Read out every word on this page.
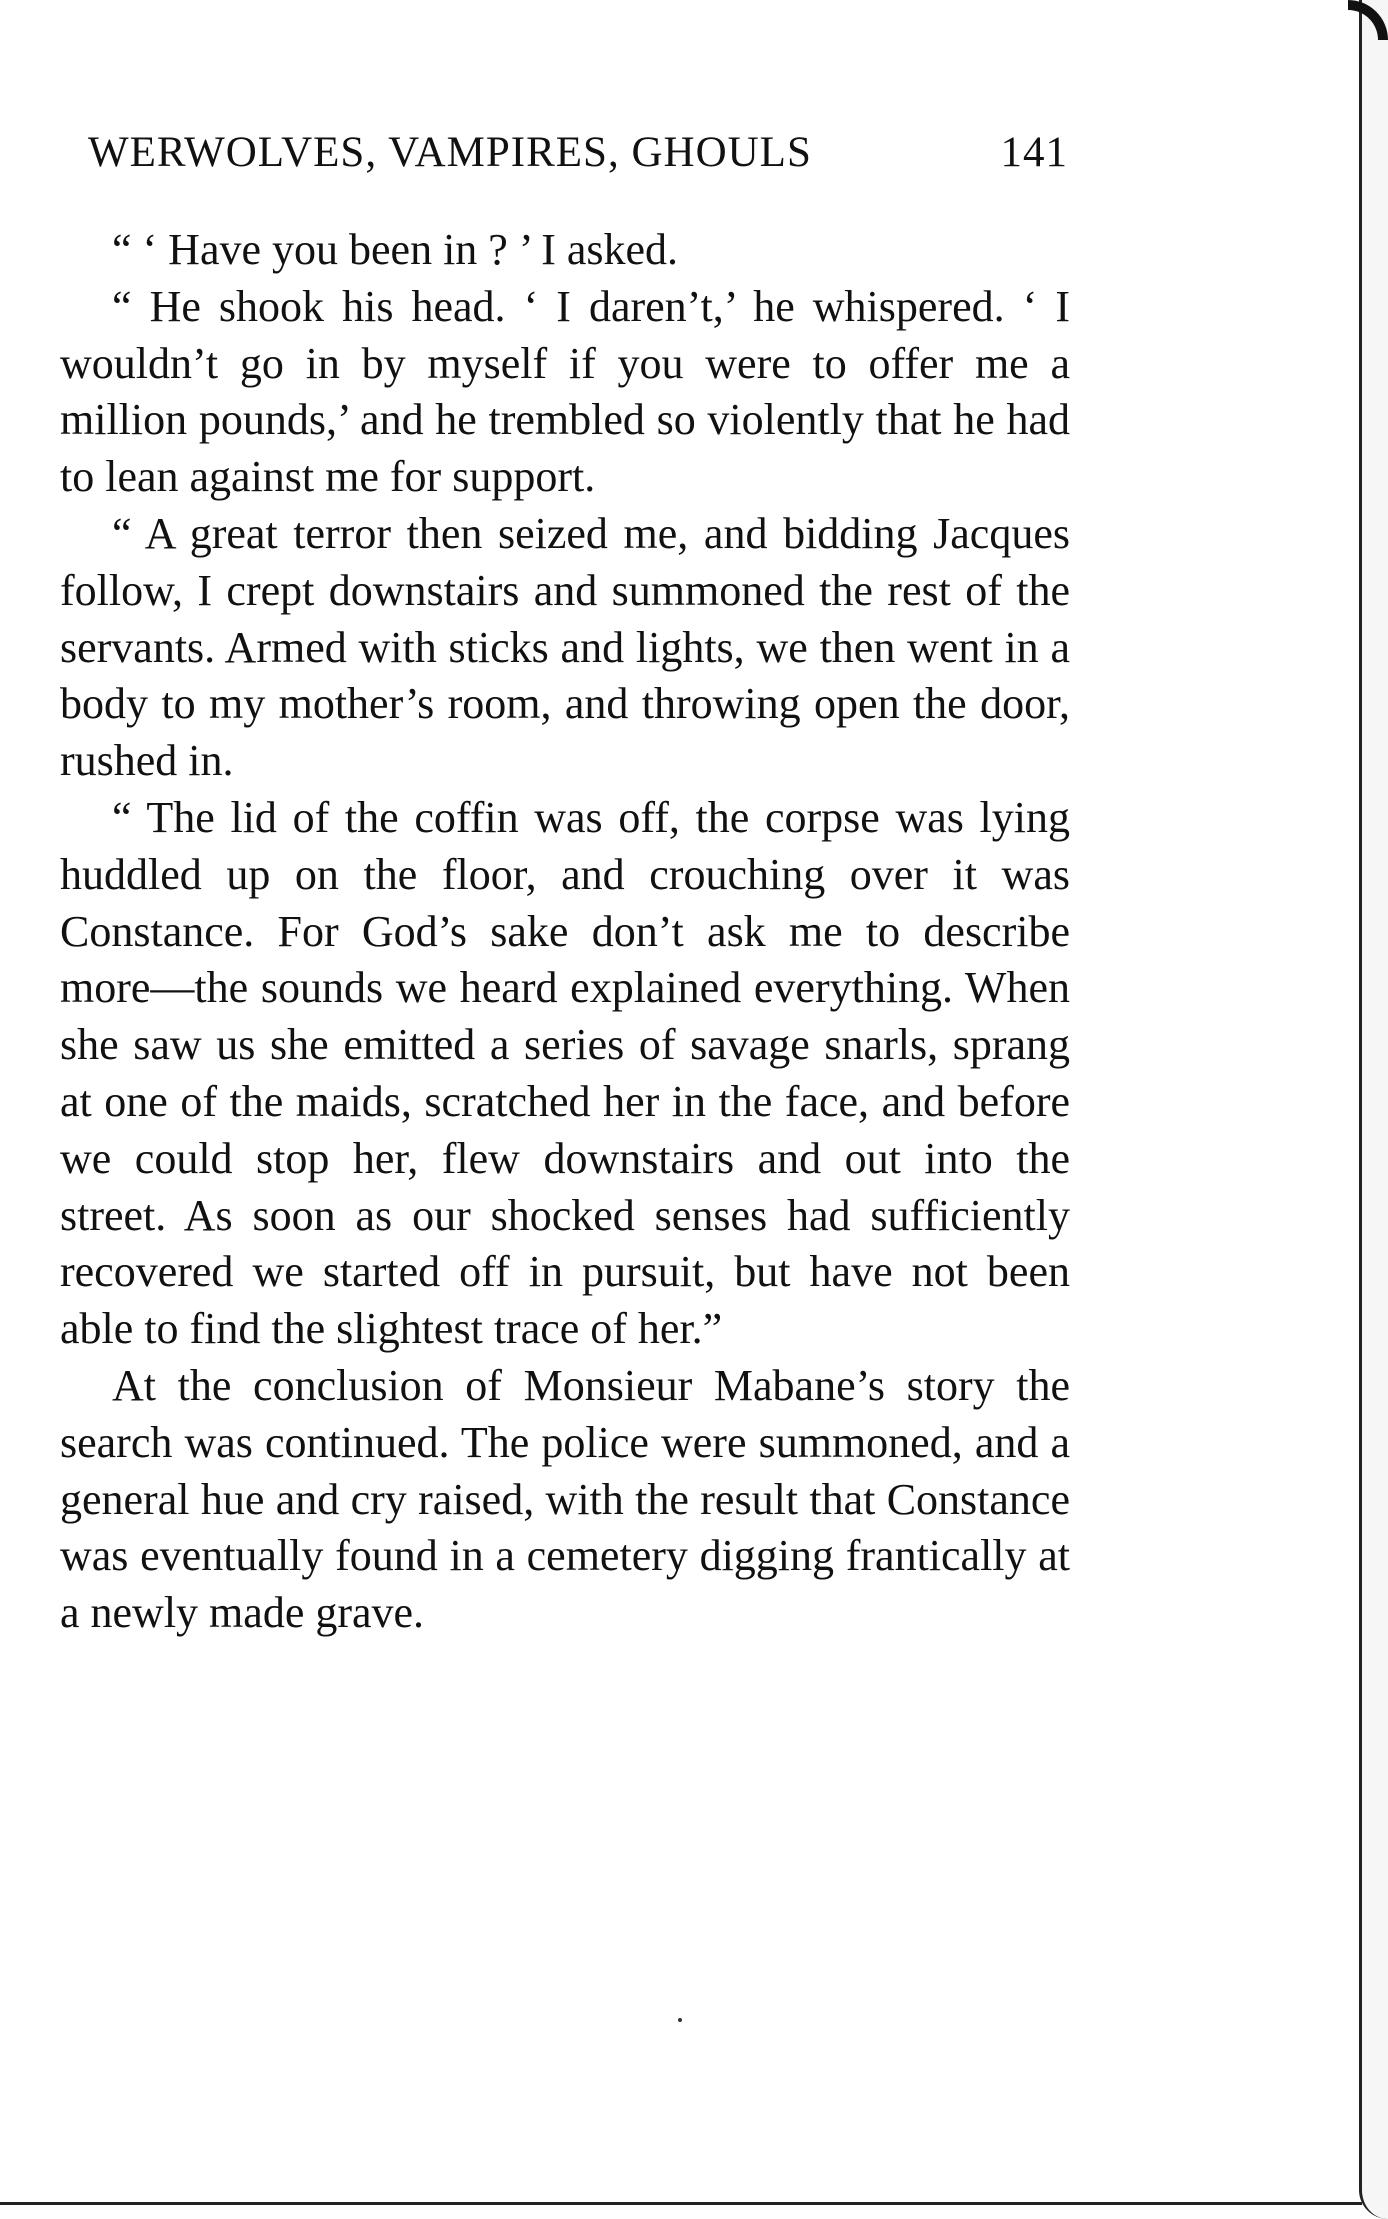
WERWOLVES, VAMPIRES, GHOULS	141

“ ‘ Have you been in ? ’ I asked.

“ He shook his head. ‘ I daren’t,’ he whispered. ‘ I wouldn’t go in by myself if you were to offer me a million pounds,’ and he trembled so violently that he had to lean against me for support.

“ A great terror then seized me, and bidding Jacques follow, I crept downstairs and summoned the rest of the servants. Armed with sticks and lights, we then went in a body to my mother’s room, and throwing open the door, rushed in.

“ The lid of the coffin was off, the corpse was lying huddled up on the floor, and crouching over it was Constance. For God’s sake don’t ask me to describe more—the sounds we heard explained everything. When she saw us she emitted a series of savage snarls, sprang at one of the maids, scratched her in the face, and before we could stop her, flew downstairs and out into the street. As soon as our shocked senses had sufficiently recovered we started off in pursuit, but have not been able to find the slightest trace of her.”

At the conclusion of Monsieur Mabane’s story the search was continued. The police were summoned, and a general hue and cry raised, with the result that Constance was eventually found in a cemetery digging frantically at a newly made grave.
